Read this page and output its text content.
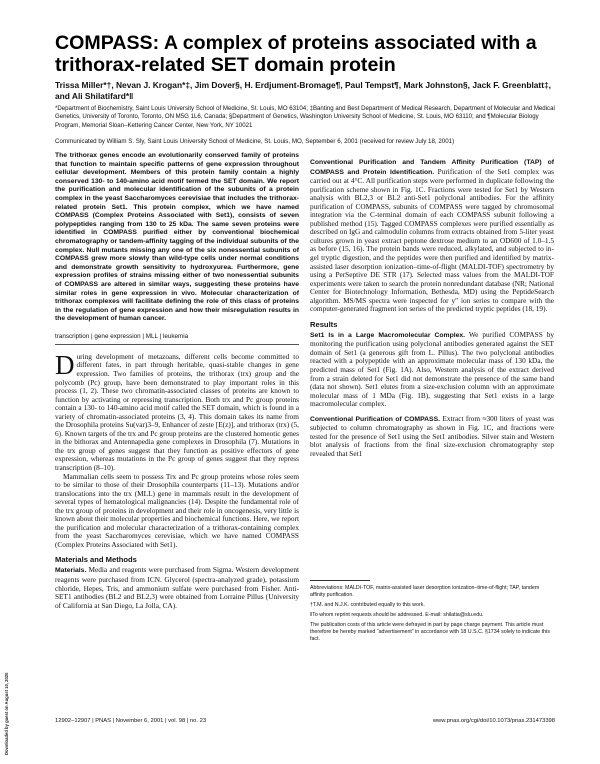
COMPASS: A complex of proteins associated with a trithorax-related SET domain protein

Trissa Miller*†, Nevan J. Krogan*‡, Jim Dover§, H. Erdjument-Bromage¶, Paul Tempst¶, Mark Johnston§, Jack F. Greenblatt‡, and Ali Shilatifard*‖

*Department of Biochemistry, Saint Louis University School of Medicine, St. Louis, MO 63104; ‡Banting and Best Department of Medical Research, Department of Molecular and Medical Genetics, University of Toronto, Toronto, ON M5G 1L6, Canada; §Department of Genetics, Washington University School of Medicine, St. Louis, MO 63110; and ¶Molecular Biology Program, Memorial Sloan–Kettering Cancer Center, New York, NY 10021

Communicated by William S. Sly, Saint Louis University School of Medicine, St. Louis, MO, September 6, 2001 (received for review July 18, 2001)

The trithorax genes encode an evolutionarily conserved family of proteins that function to maintain specific patterns of gene expression throughout cellular development. Members of this protein family contain a highly conserved 130- to 140-amino acid motif termed the SET domain. We report the purification and molecular identification of the subunits of a protein complex in the yeast Saccharomyces cerevisiae that includes the trithorax-related protein Set1. This protein complex, which we have named COMPASS (Complex Proteins Associated with Set1), consists of seven polypeptides ranging from 130 to 25 kDa. The same seven proteins were identified in COMPASS purified either by conventional biochemical chromatography or tandem-affinity tagging of the individual subunits of the complex. Null mutants missing any one of the six nonessential subunits of COMPASS grew more slowly than wild-type cells under normal conditions and demonstrate growth sensitivity to hydroxyurea. Furthermore, gene expression profiles of strains missing either of two nonessential subunits of COMPASS are altered in similar ways, suggesting these proteins have similar roles in gene expression in vivo. Molecular characterization of trithorax complexes will facilitate defining the role of this class of proteins in the regulation of gene expression and how their misregulation results in the development of human cancer.

transcription | gene expression | MLL | leukemia

D uring development of metazoans, different cells become committed to different fates, in part through heritable, quasi-stable changes in gene expression. Two families of proteins, the trithorax (trx) group and the polycomb (Pc) group, have been demonstrated to play important roles in this process (1, 2). These two chromatin-associated classes of proteins are known to function by activating or repressing transcription. Both trx and Pc group proteins contain a 130- to 140-amino acid motif called the SET domain, which is found in a variety of chromatin-associated proteins (3, 4). This domain takes its name from the Drosophila proteins Su(var)3–9, Enhancer of zeste [E(z)], and trithorax (trx) (5, 6). Known targets of the trx and Pc group proteins are the clustered homeotic genes in the bithorax and Antennapedia gene complexes in Drosophila (7). Mutations in the trx group of genes suggest that they function as positive effectors of gene expression, whereas mutations in the Pc group of genes suggest that they repress transcription (8–10).

Mammalian cells seem to possess Trx and Pc group proteins whose roles seem to be similar to those of their Drosophila counterparts (11–13). Mutations and/or translocations into the trx (MLL) gene in mammals result in the development of several types of hematological malignancies (14). Despite the fundamental role of the trx group of proteins in development and their role in oncogenesis, very little is known about their molecular properties and biochemical functions. Here, we report the purification and molecular characterization of a trithorax-containing complex from the yeast Saccharomyces cerevisiae, which we have named COMPASS (Complex Proteins Associated with Set1).

Materials and Methods

Materials. Media and reagents were purchased from Sigma. Western development reagents were purchased from ICN. Glycerol (spectra-analyzed grade), potassium chloride, Hepes, Tris, and ammonium sulfate were purchased from Fisher. Anti-SET1 antibodies (BL2 and BL2,3) were obtained from Lorraine Pillus (University of California at San Diego, La Jolla, CA).

Conventional Purification and Tandem Affinity Purification (TAP) of COMPASS and Protein Identification. Purification of the Set1 complex was carried out at 4°C. All purification steps were performed in duplicate following the purification scheme shown in Fig. 1C. Fractions were tested for Set1 by Western analysis with BL2,3 or BL2 anti-Set1 polyclonal antibodies. For the affinity purification of COMPASS, subunits of COMPASS were tagged by chromosomal integration via the C-terminal domain of each COMPASS subunit following a published method (15). Tagged COMPASS complexes were purified essentially as described on IgG and calmodulin columns from extracts obtained from 5-liter yeast cultures grown in yeast extract peptone dextrose medium to an OD600 of 1.0–1.5 as before (15, 16). The protein bands were reduced, alkylated, and subjected to in-gel tryptic digestion, and the peptides were then purified and identified by matrix-assisted laser desorption ionization–time-of-flight (MALDI-TOF) spectrometry by using a PerSeptive DE STR (17). Selected mass values from the MALDI-TOF experiments were taken to search the protein nonredundant database (NR; National Center for Biotechnology Information, Bethesda, MD) using the PeptideSearch algorithm. MS/MS spectra were inspected for y″ ion series to compare with the computer-generated fragment ion series of the predicted tryptic peptides (18, 19).

Results

Set1 Is in a Large Macromolecular Complex. We purified COMPASS by monitoring the purification using polyclonal antibodies generated against the SET domain of Set1 (a generous gift from L. Pillus). The two polyclonal antibodies reacted with a polypeptide with an approximate molecular mass of 130 kDa, the predicted mass of Set1 (Fig. 1A). Also, Western analysis of the extract derived from a strain deleted for Set1 did not demonstrate the presence of the same band (data not shown). Set1 elutes from a size-exclusion column with an approximate molecular mass of 1 MDa (Fig. 1B), suggesting that Set1 exists in a large macromolecular complex.

Conventional Purification of COMPASS. Extract from ≈300 liters of yeast was subjected to column chromatography as shown in Fig. 1C, and fractions were tested for the presence of Set1 using the Set1 antibodies. Silver stain and Western blot analysis of fractions from the final size-exclusion chromatography step revealed that Set1

Abbreviations: MALDI-TOF, matrix-assisted laser desorption ionization–time-of-flight; TAP, tandem affinity purification.

†T.M. and N.J.K. contributed equally to this work.

‖To whom reprint requests should be addressed. E-mail: shilatia@slu.edu.

The publication costs of this article were defrayed in part by page charge payment. This article must therefore be hereby marked “advertisement” in accordance with 18 U.S.C. §1734 solely to indicate this fact.

12902–12907 | PNAS | November 6, 2001 | vol. 98 | no. 23	www.pnas.org/cgi/doi/10.1073/pnas.231473398
Downloaded by guest on August 10, 2020
